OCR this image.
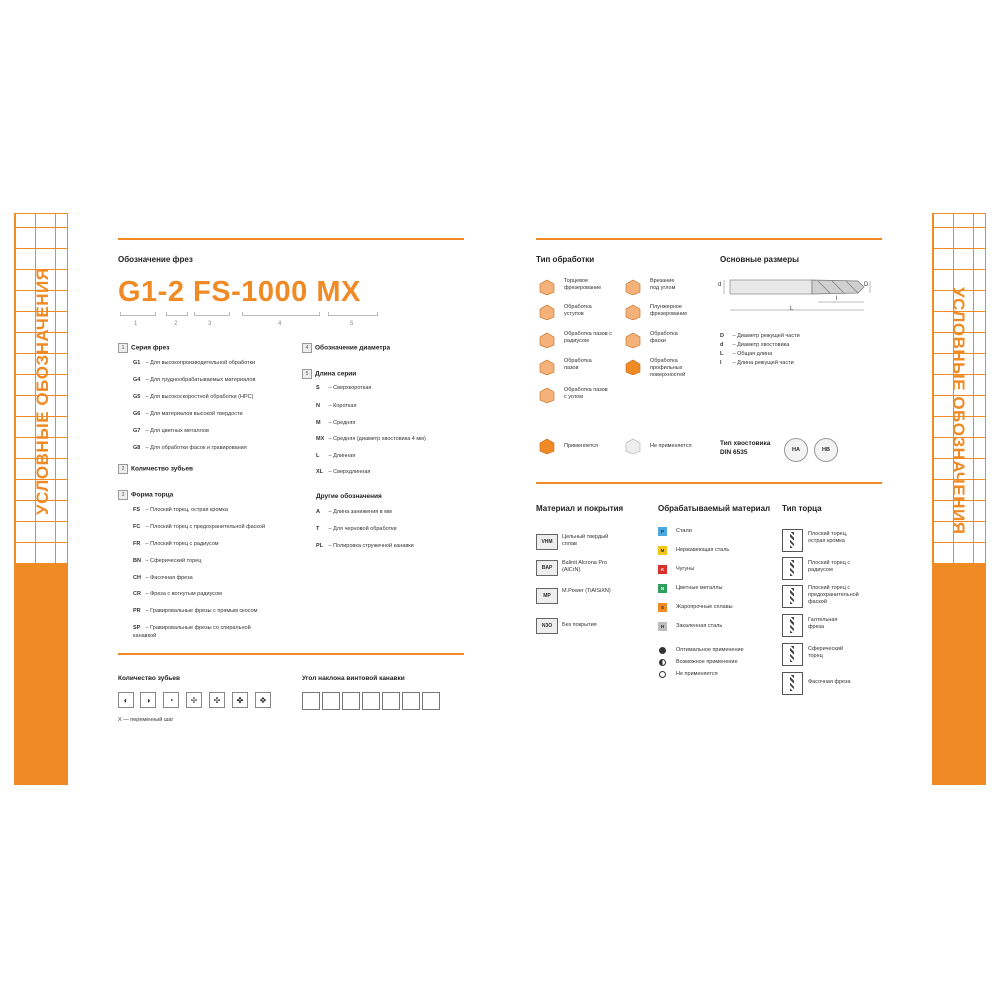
УСЛОВНЫЕ ОБОЗНАЧЕНИЯ	УСЛОВНЫЕ ОБОЗНАЧЕНИЯ
Обозначение фрез
G1-2 FS-1000 MX
1	2	3	4	5
1 Серия фрез
G1 – Для высокопроизводительной обработки
G4 – Для труднообрабатываемых материалов
G5 – Для высокоскоростной обработки (HPC)
G6 – Для материалов высокой твердости
G7 – Для цветных металлов
G8 – Для обработки фасок и гравирования
2 Количество зубьев
3 Форма торца
FS – Плоский торец, острая кромка
FC – Плоский торец с предохранительной фаской
FR – Плоский торец с радиусом
BN – Сферический торец
CH – Фасочная фреза
CR – Фреза с вогнутым радиусом
PR – Гравировальные фрезы с прямым скосом
SP – Гравировальные фрезы со спиральной канавкой
4 Обозначение диаметра
5 Длина серии
S – Сверхкороткая
N – Короткая
M – Средняя
MX – Средняя (диаметр хвостовика 4 мм)
L – Длинная
XL – Сверхдлинная
Другие обозначения
A – Длина занижения в мм
T – Для черновой обработки
PL – Полировка стружечной канавки
Количество зубьев
◐	◑	◔	✢	✣	✤	✥
X — переменный шаг
Угол наклона винтовой канавки
Тип обработки
Торцевое фрезерование
Обработка уступов
Обработка пазов с радиусом
Обработка пазов
Обработка пазов с углом
Врезание под углом
Плунжерное фрезерование
Обработка фаски
Обработка профильных поверхностей
Применяется	Не применяется
Основные размеры
d	D
l
L
D – Диаметр режущей части
d – Диаметр хвостовика
L – Общая длина
l – Длина режущей части
Тип хвостовика
DIN 6535	HA	HB
Материал и покрытия
VHM
Цельный твердый сплав
BAP
Balinit Alcrona Pro (AlCrN)
MP
M.Power (TiAlSiXN)
N3O	Без покрытия
Обрабатываемый материал
P	Стали
M	Нержавеющая сталь
K	Чугуны
N	Цветные металлы
S	Жаропрочные сплавы
H	Закаленная сталь
Оптимальное применение
Возможное применение
Не применяется
Тип торца
Плоский торец, острая кромка
Плоский торец с радиусом
Плоский торец с предохранительной фаской
Галтельная фреза
Сферический торец
Фасочная фреза
